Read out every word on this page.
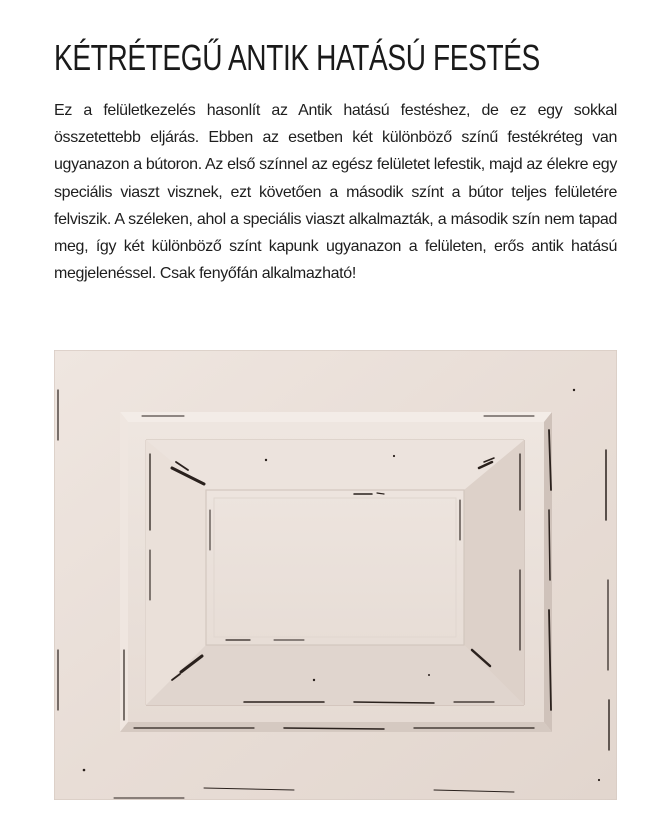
KÉTRÉTEGŰ ANTIK HATÁSÚ FESTÉS

Ez a felületkezelés hasonlít az Antik hatású festéshez, de ez egy sokkal összetettebb eljárás. Ebben az esetben két különböző színű festékréteg van ugyanazon a bútoron. Az első színnel az egész felületet lefestik, majd az élekre egy speciális viaszt visznek, ezt követően a második színt a bútor teljes felületére felviszik. A széleken, ahol a speciális viaszt alkalmazták, a második szín nem tapad meg, így két különböző színt kapunk ugyanazon a felületen, erős antik hatású megjelenéssel. Csak fenyőfán alkalmazható!
